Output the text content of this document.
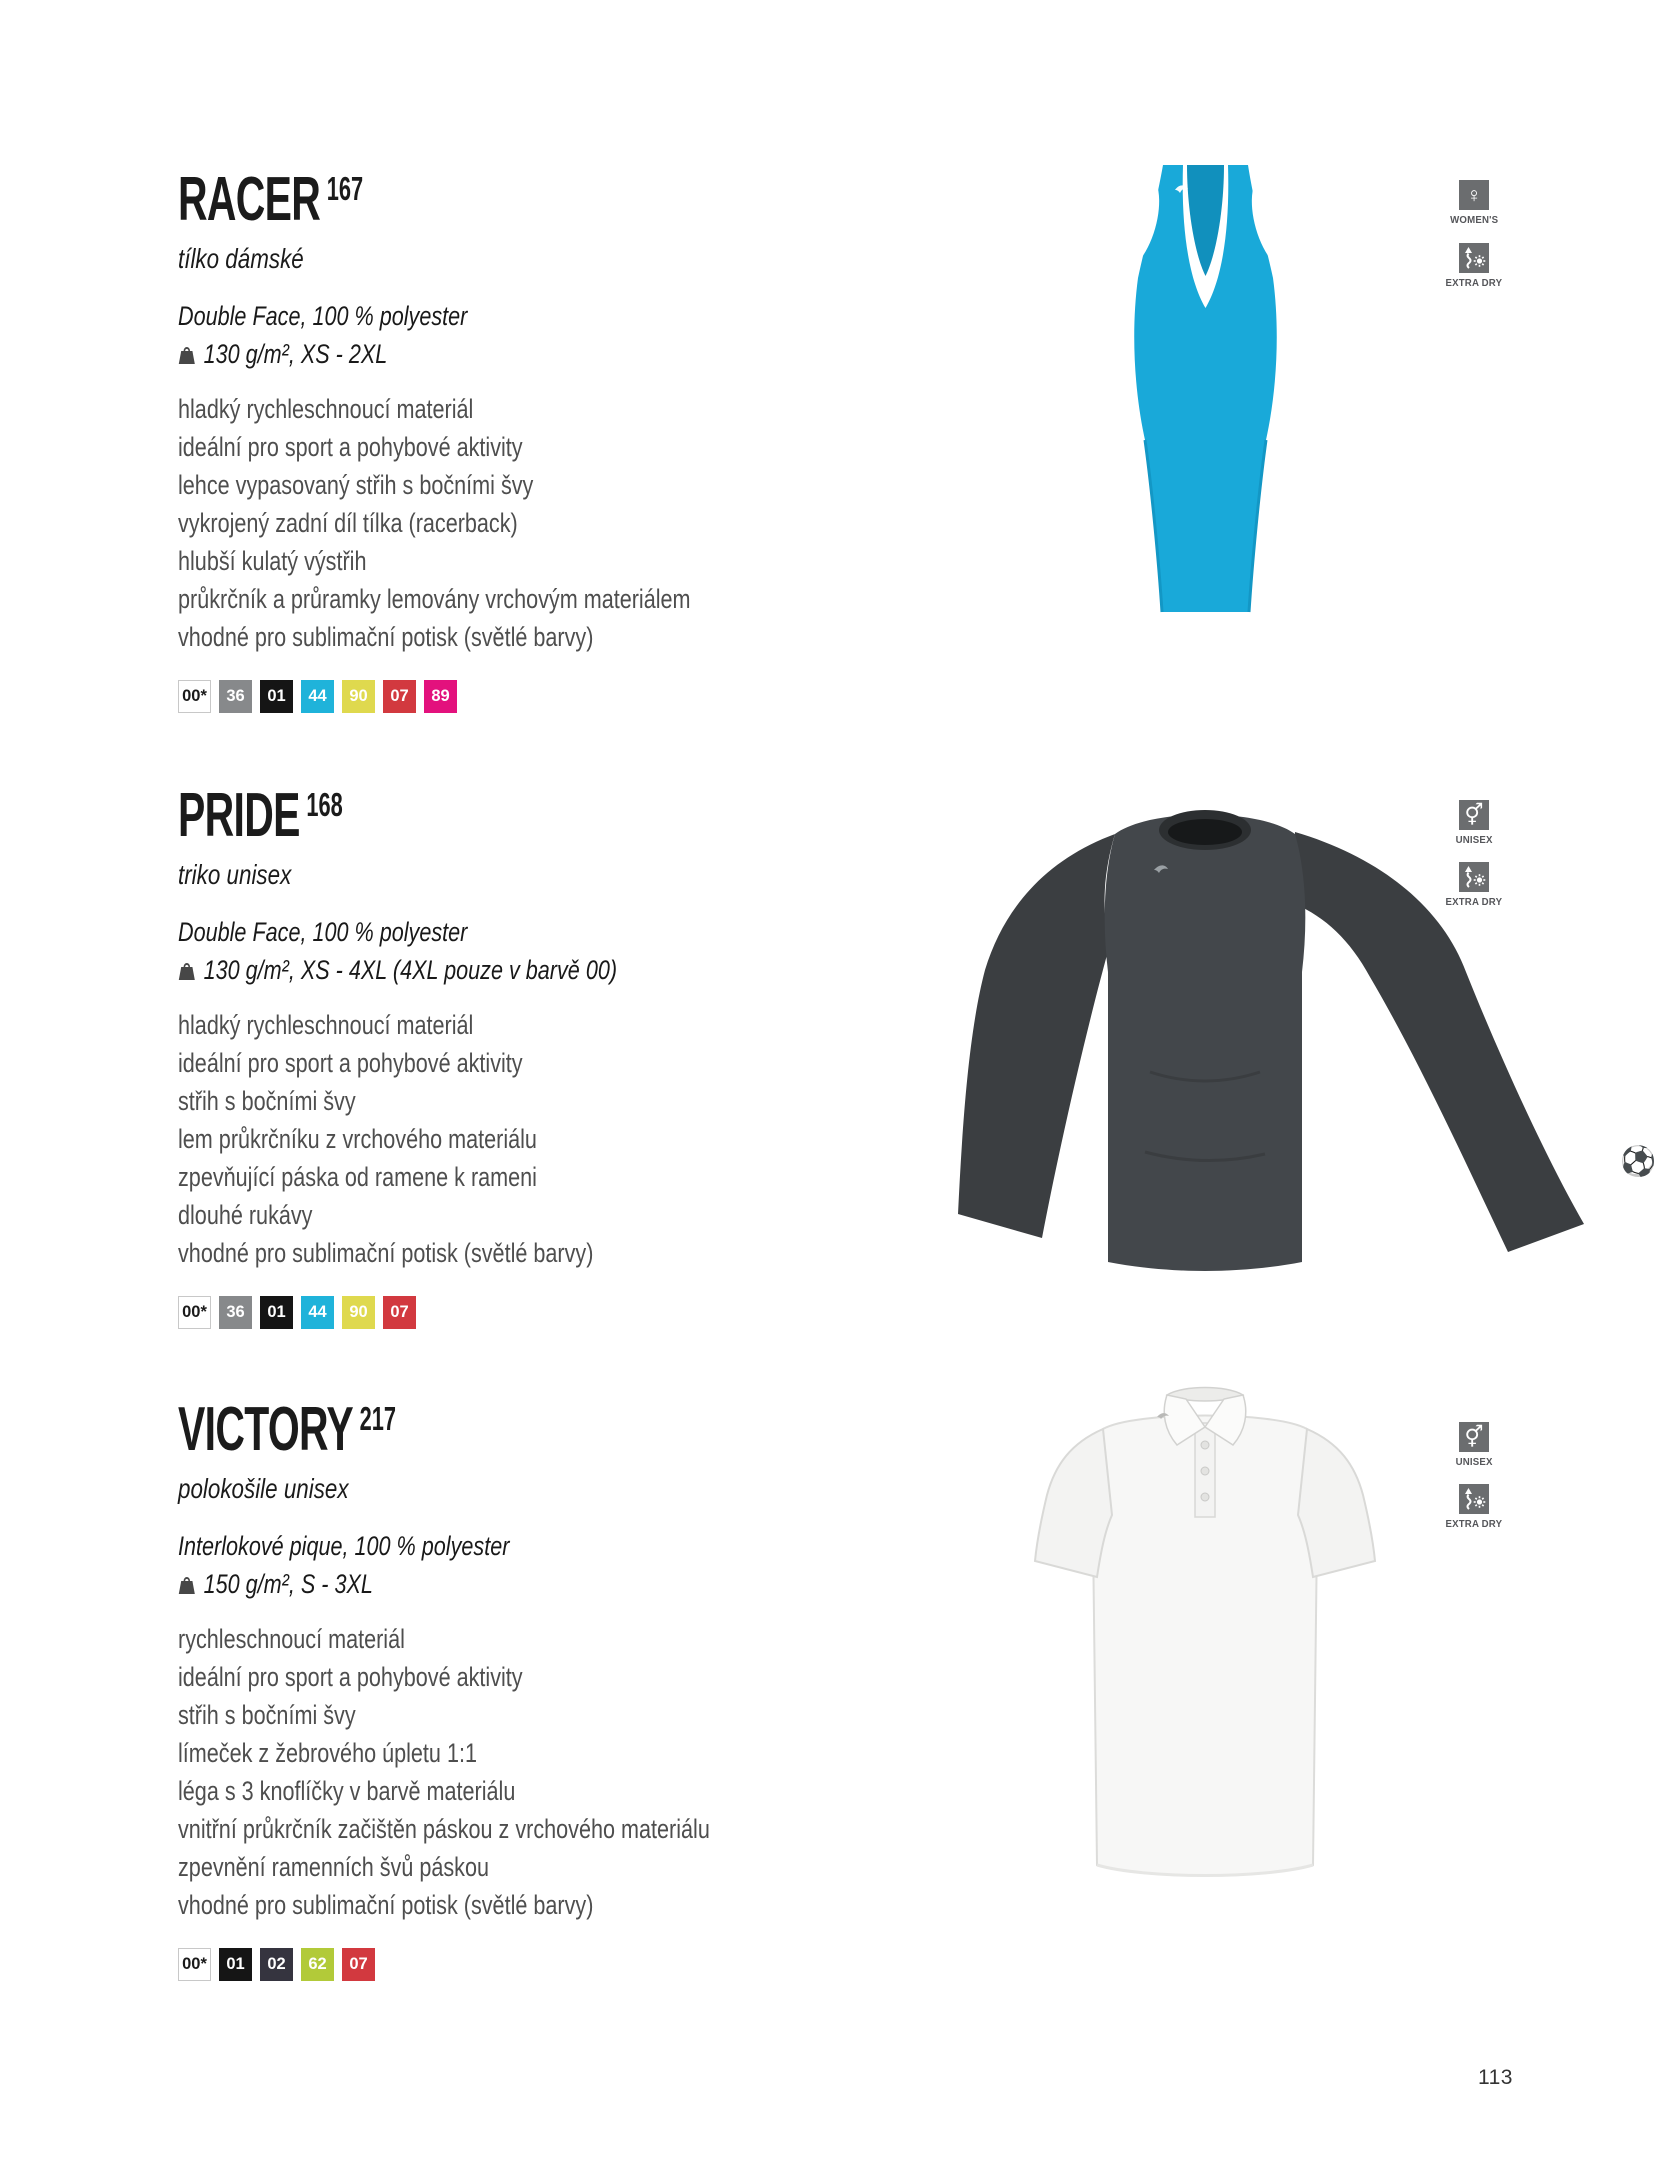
RACER $^{167}$
tílko dámské
Double Face, 100 % polyester
130 g/m², XS - 2XL
hladký rychleschnoucí materiál
ideální pro sport a pohybové aktivity
lehce vypasovaný střih s bočními švy
vykrojený zadní díl tílka (racerback)
hlubší kulatý výstřih
průkrčník a průramky lemovány vrchovým materiálem
vhodné pro sublimační potisk (světlé barvy)
00*	36	01	44	90	07	89
PRIDE $^{168}$
triko unisex
Double Face, 100 % polyester
130 g/m², XS - 4XL (4XL pouze v barvě 00)
hladký rychleschnoucí materiál
ideální pro sport a pohybové aktivity
střih s bočními švy
lem průkrčníku z vrchového materiálu
zpevňující páska od ramene k rameni
dlouhé rukávy
vhodné pro sublimační potisk (světlé barvy)
00*	36	01	44	90	07
VICTORY $^{217}$
polokošile unisex
Interlokové pique, 100 % polyester
150 g/m², S - 3XL
rychleschnoucí materiál
ideální pro sport a pohybové aktivity
střih s bočními švy
límeček z žebrového úpletu 1:1
léga s 3 knoflíčky v barvě materiálu
vnitřní průkrčník začištěn páskou z vrchového materiálu
zpevnění ramenních švů páskou
vhodné pro sublimační potisk (světlé barvy)
00*	01	02	62	07
♀
WOMEN'S
EXTRA DRY
⚥
UNISEX
EXTRA DRY
⚥
UNISEX
EXTRA DRY
⚽
113
